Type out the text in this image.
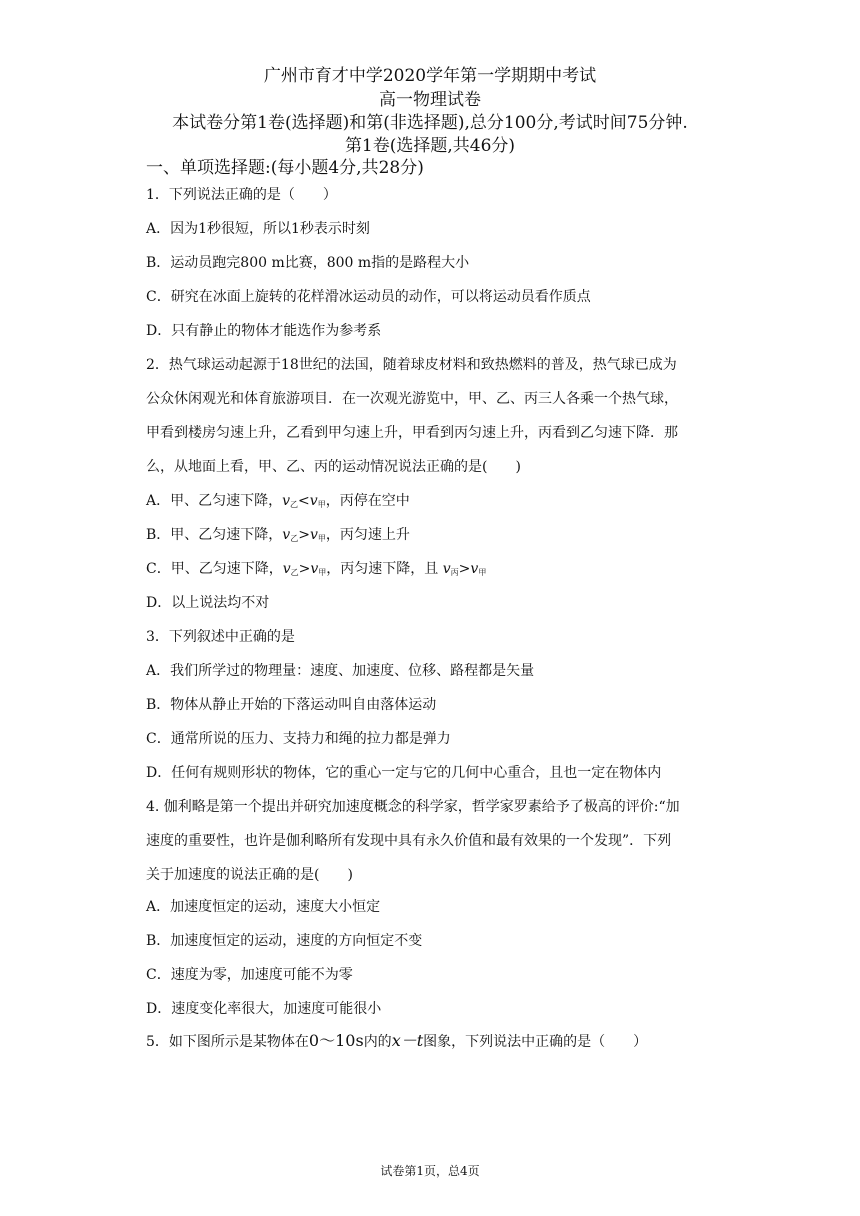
广州市育才中学2020学年第一学期期中考试
高一物理试卷
本试卷分第1卷(选择题)和第(非选择题),总分100分,考试时间75分钟.
第1卷(选择题,共46分)
一、单项选择题:(每小题4分,共28分)
1．下列说法正确的是（　　）
A．因为1秒很短，所以1秒表示时刻
B．运动员跑完800 m比赛，800 m指的是路程大小
C．研究在冰面上旋转的花样滑冰运动员的动作，可以将运动员看作质点
D．只有静止的物体才能选作为参考系
2．热气球运动起源于18世纪的法国，随着球皮材料和致热燃料的普及，热气球已成为
公众休闲观光和体育旅游项目．在一次观光游览中，甲、乙、丙三人各乘一个热气球，
甲看到楼房匀速上升，乙看到甲匀速上升，甲看到丙匀速上升，丙看到乙匀速下降．那
么，从地面上看，甲、乙、丙的运动情况说法正确的是(　　)
A．甲、乙匀速下降，$v_乙<v_甲$，丙停在空中
B．甲、乙匀速下降，$v_乙>v_甲$，丙匀速上升
C．甲、乙匀速下降，$v_乙>v_甲$，丙匀速下降，且 $v_丙>v_甲$
D．以上说法均不对
3．下列叙述中正确的是
A．我们所学过的物理量：速度、加速度、位移、路程都是矢量
B．物体从静止开始的下落运动叫自由落体运动
C．通常所说的压力、支持力和绳的拉力都是弹力
D．任何有规则形状的物体，它的重心一定与它的几何中心重合，且也一定在物体内
4. 伽利略是第一个提出并研究加速度概念的科学家，哲学家罗素给予了极高的评价:“加
速度的重要性，也许是伽利略所有发现中具有永久价值和最有效果的一个发现”．下列
关于加速度的说法正确的是(　　)
A．加速度恒定的运动，速度大小恒定
B．加速度恒定的运动，速度的方向恒定不变
C．速度为零，加速度可能不为零
D．速度变化率很大，加速度可能很小
5．如下图所示是某物体在0～10s内的x－t图象，下列说法中正确的是（　　）
试卷第1页，总4页
